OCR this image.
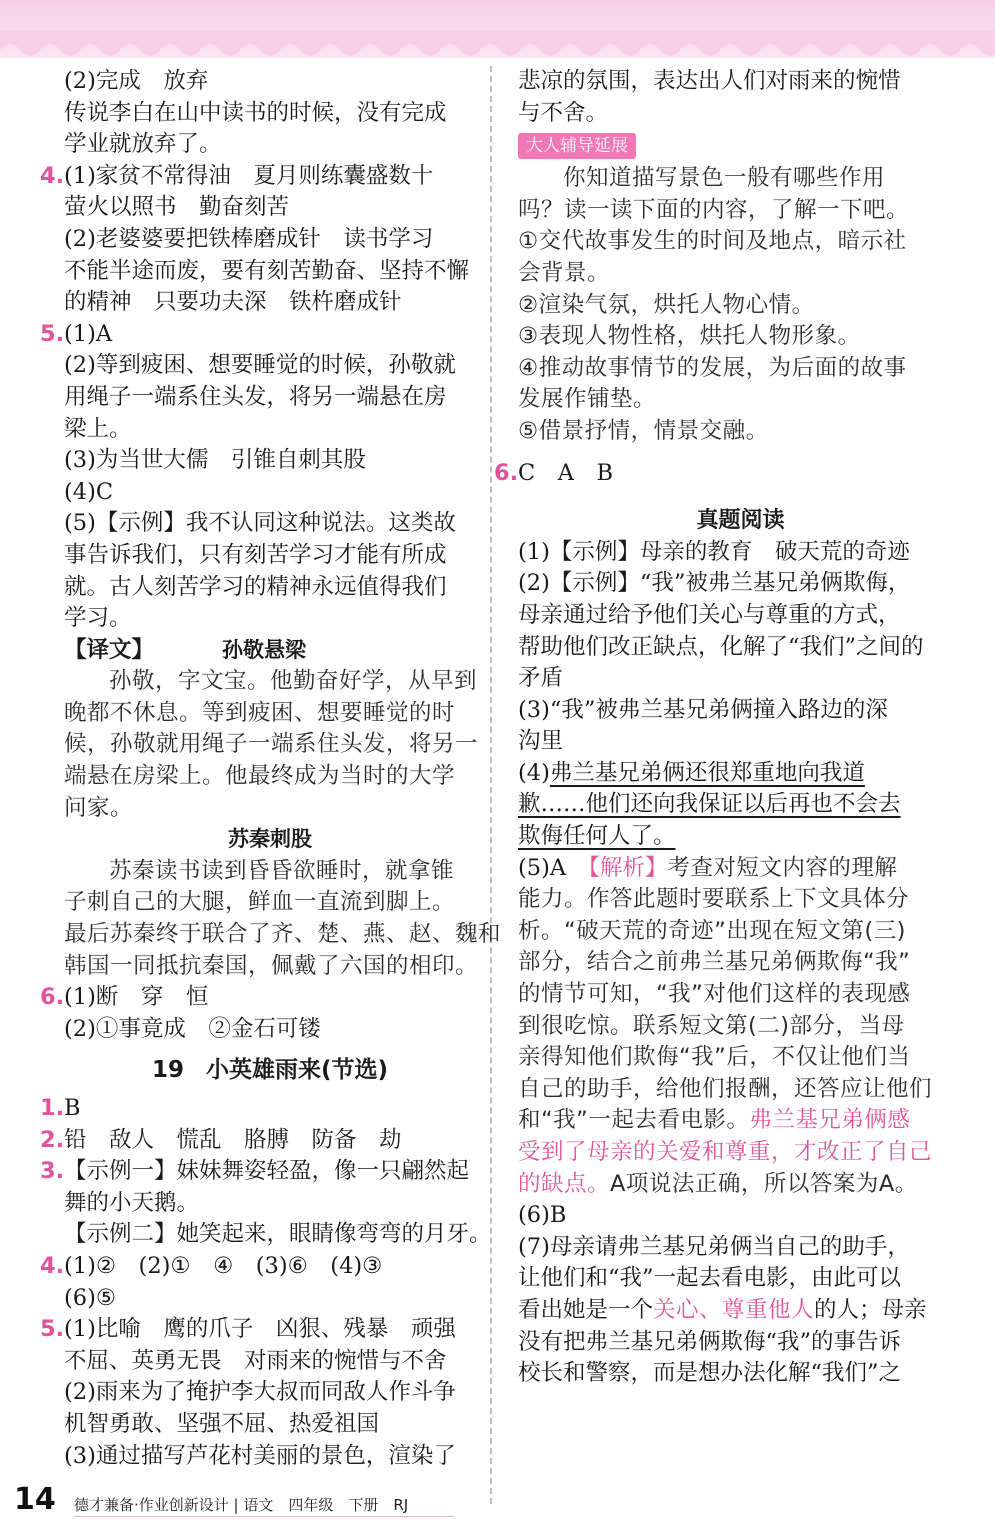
(2)完成　放弃
传说李白在山中读书的时候，没有完成
学业就放弃了。
4.(1)家贫不常得油　夏月则练囊盛数十
萤火以照书　勤奋刻苦
(2)老婆婆要把铁棒磨成针　读书学习
不能半途而废，要有刻苦勤奋、坚持不懈
的精神　只要功夫深　铁杵磨成针
5.(1)A
(2)等到疲困、想要睡觉的时候，孙敬就
用绳子一端系住头发，将另一端悬在房
梁上。
(3)为当世大儒　引锥自刺其股
(4)C
(5)【示例】我不认同这种说法。这类故
事告诉我们，只有刻苦学习才能有所成
就。古人刻苦学习的精神永远值得我们
学习。
【译文】	孙敬悬梁
孙敬，字文宝。他勤奋好学，从早到
晚都不休息。等到疲困、想要睡觉的时
候，孙敬就用绳子一端系住头发，将另一
端悬在房梁上。他最终成为当时的大学
问家。
苏秦刺股
苏秦读书读到昏昏欲睡时，就拿锥
子刺自己的大腿，鲜血一直流到脚上。
最后苏秦终于联合了齐、楚、燕、赵、魏和
韩国一同抵抗秦国，佩戴了六国的相印。
6.(1)断　穿　恒
(2)①事竟成　②金石可镂
19 小英雄雨来(节选)
1.B
2.铅　敌人　慌乱　胳膊　防备　劫
3.【示例一】妹妹舞姿轻盈，像一只翩然起
舞的小天鹅。
【示例二】她笑起来，眼睛像弯弯的月牙。
4.(1)②　(2)①　④　(3)⑥　(4)③
(6)⑤
5.(1)比喻　鹰的爪子　凶狠、残暴　顽强
不屈、英勇无畏　对雨来的惋惜与不舍
(2)雨来为了掩护李大叔而同敌人作斗争
机智勇敢、坚强不屈、热爱祖国
(3)通过描写芦花村美丽的景色，渲染了
悲凉的氛围，表达出人们对雨来的惋惜
与不舍。
大人辅导延展
你知道描写景色一般有哪些作用
吗？读一读下面的内容，了解一下吧。
①交代故事发生的时间及地点，暗示社
会背景。
②渲染气氛，烘托人物心情。
③表现人物性格，烘托人物形象。
④推动故事情节的发展，为后面的故事
发展作铺垫。
⑤借景抒情，情景交融。
6.C　A　B
真题阅读
(1)【示例】母亲的教育　破天荒的奇迹
(2)【示例】“我”被弗兰基兄弟俩欺侮，
母亲通过给予他们关心与尊重的方式，
帮助他们改正缺点，化解了“我们”之间的
矛盾
(3)“我”被弗兰基兄弟俩撞入路边的深
沟里
(4)弗兰基兄弟俩还很郑重地向我道
歉……他们还向我保证以后再也不会去
欺侮任何人了。
(5)A　【解析】考查对短文内容的理解
能力。作答此题时要联系上下文具体分
析。“破天荒的奇迹”出现在短文第(三)
部分，结合之前弗兰基兄弟俩欺侮“我”
的情节可知，“我”对他们这样的表现感
到很吃惊。联系短文第(二)部分，当母
亲得知他们欺侮“我”后，不仅让他们当
自己的助手，给他们报酬，还答应让他们
和“我”一起去看电影。弗兰基兄弟俩感
受到了母亲的关爱和尊重，才改正了自己
的缺点。A项说法正确，所以答案为A。
(6)B
(7)母亲请弗兰基兄弟俩当自己的助手，
让他们和“我”一起去看电影，由此可以
看出她是一个关心、尊重他人的人；母亲
没有把弗兰基兄弟俩欺侮“我”的事告诉
校长和警察，而是想办法化解“我们”之
14 德才兼备·作业创新设计 | 语文　四年级　下册　RJ
